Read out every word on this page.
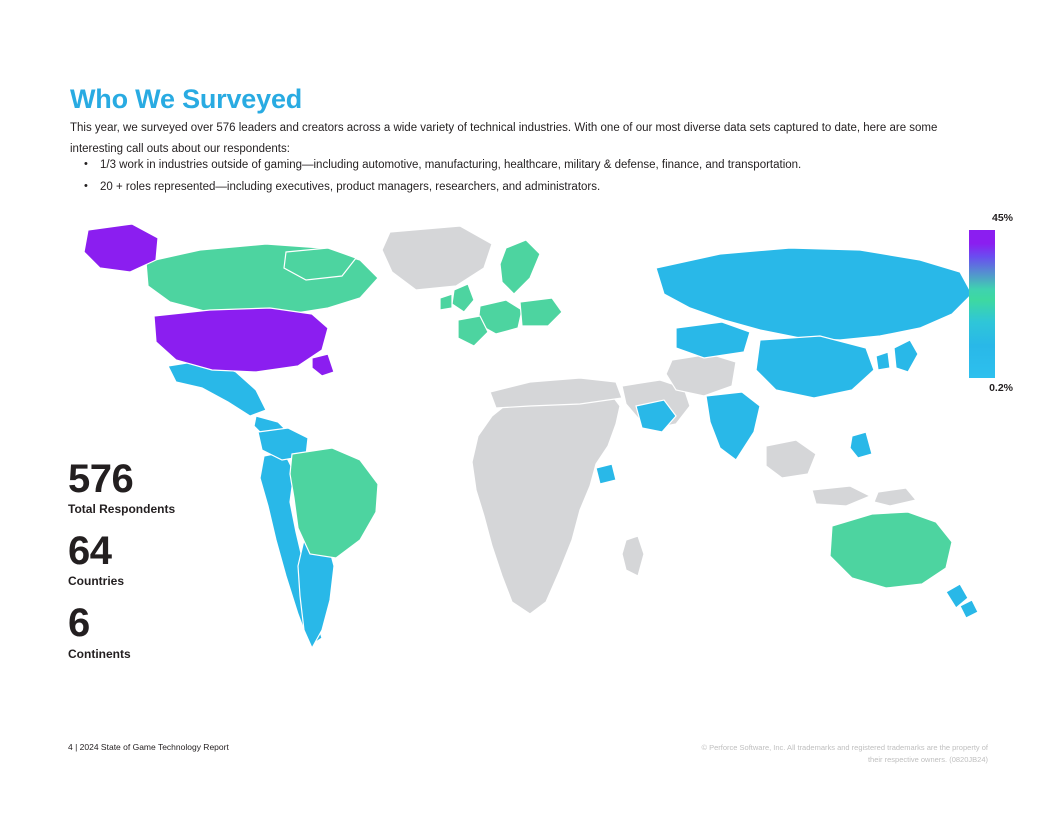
Who We Surveyed

This year, we surveyed over 576 leaders and creators across a wide variety of technical industries. With one of our most diverse data sets captured to date, here are some interesting call outs about our respondents:

•	1/3 work in industries outside of gaming—including automotive, manufacturing, healthcare, military & defense, finance, and transportation.
•	20 + roles represented—including executives, product managers, researchers, and administrators.
45%
0.2%
576
Total Respondents
64
Countries
6
Continents
4 | 2024 State of Game Technology Report	© Perforce Software, Inc. All trademarks and registered trademarks are the property of their respective owners. (0820JB24)
